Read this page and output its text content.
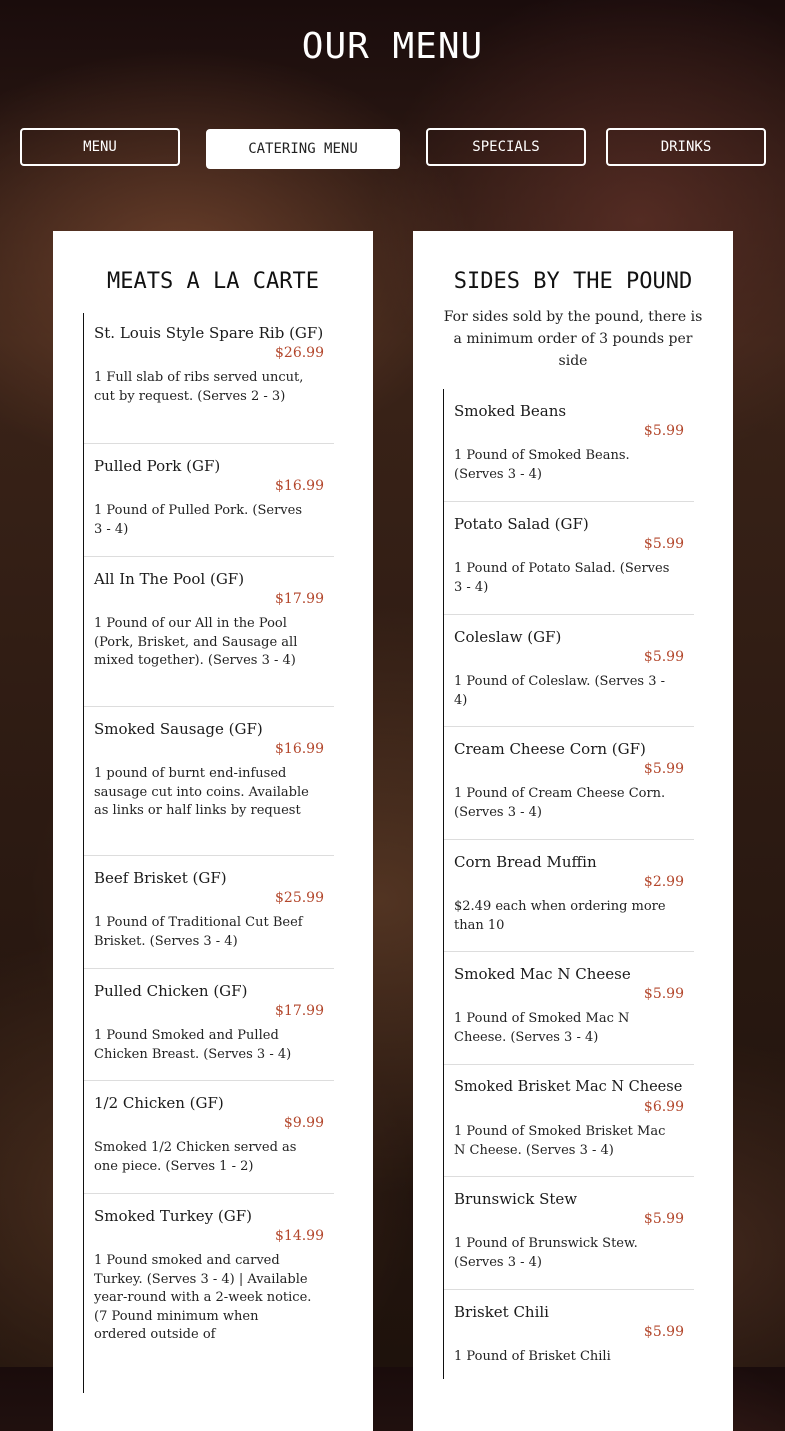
OUR MENU
MENU	CATERING MENU	SPECIALS	DRINKS
MEATS A LA CARTE
St. Louis Style Spare Rib (GF)
$26.99
1 Full slab of ribs served uncut, cut by request. (Serves 2 - 3)
Pulled Pork (GF)
$16.99
1 Pound of Pulled Pork. (Serves 3 - 4)
All In The Pool (GF)
$17.99
1 Pound of our All in the Pool (Pork, Brisket, and Sausage all mixed together). (Serves 3 - 4)
Smoked Sausage (GF)
$16.99
1 pound of burnt end-infused sausage cut into coins. Available as links or half links by request
Beef Brisket (GF)
$25.99
1 Pound of Traditional Cut Beef Brisket. (Serves 3 - 4)
Pulled Chicken (GF)
$17.99
1 Pound Smoked and Pulled Chicken Breast. (Serves 3 - 4)
1/2 Chicken (GF)
$9.99
Smoked 1/2 Chicken served as one piece. (Serves 1 - 2)
Smoked Turkey (GF)
$14.99
1 Pound smoked and carved Turkey. (Serves 3 - 4) | Available year-round with a 2-week notice. (7 Pound minimum when ordered outside of
SIDES BY THE POUND
For sides sold by the pound, there is a minimum order of 3 pounds per side
Smoked Beans
$5.99
1 Pound of Smoked Beans. (Serves 3 - 4)
Potato Salad (GF)
$5.99
1 Pound of Potato Salad. (Serves 3 - 4)
Coleslaw (GF)
$5.99
1 Pound of Coleslaw. (Serves 3 - 4)
Cream Cheese Corn (GF)
$5.99
1 Pound of Cream Cheese Corn. (Serves 3 - 4)
Corn Bread Muffin
$2.99
$2.49 each when ordering more than 10
Smoked Mac N Cheese
$5.99
1 Pound of Smoked Mac N Cheese. (Serves 3 - 4)
Smoked Brisket Mac N Cheese
$6.99
1 Pound of Smoked Brisket Mac N Cheese. (Serves 3 - 4)
Brunswick Stew
$5.99
1 Pound of Brunswick Stew. (Serves 3 - 4)
Brisket Chili
$5.99
1 Pound of Brisket Chili
